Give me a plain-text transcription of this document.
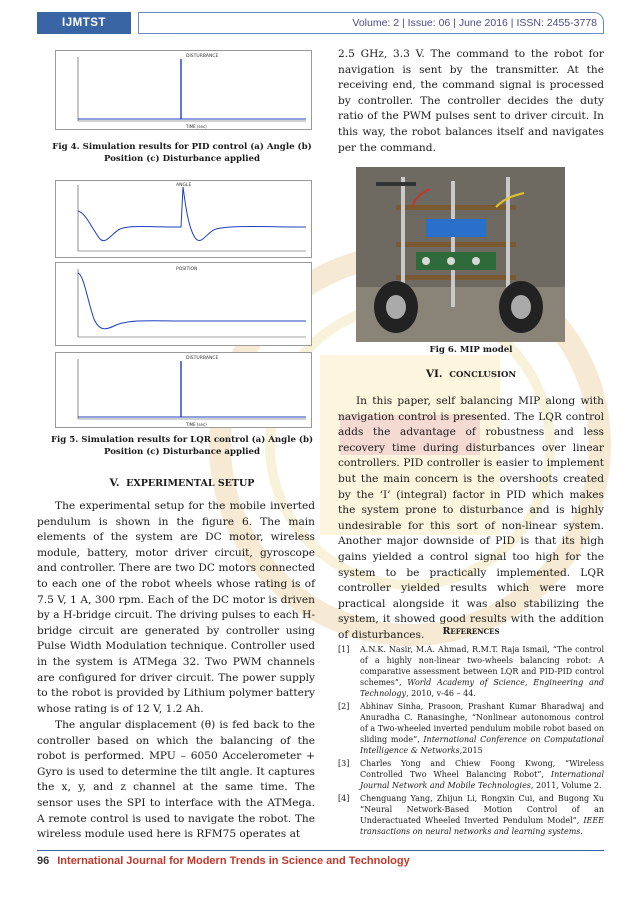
IJMTST	Volume: 2 | Issue: 06 | June 2016 | ISSN: 2455-3778
DISTURBANCE
TIME (sec)
Fig 4. Simulation results for PID control (a) Angle (b)
Position (c) Disturbance applied
ANGLE
POSITION
DISTURBANCE
TIME (sec)
Fig 5. Simulation results for LQR control (a) Angle (b)
Position (c) Disturbance applied
V. EXPERIMENTAL SETUP
The experimental setup for the mobile inverted pendulum is shown in the figure 6. The main elements of the system are DC motor, wireless module, battery, motor driver circuit, gyroscope and controller. There are two DC motors connected to each one of the robot wheels whose rating is of 7.5 V, 1 A, 300 rpm. Each of the DC motor is driven by a H-bridge circuit. The driving pulses to each H-bridge circuit are generated by controller using Pulse Width Modulation technique. Controller used in the system is ATMega 32. Two PWM channels are configured for driver circuit. The power supply to the robot is provided by Lithium polymer battery whose rating is of 12 V, 1.2 Ah.
The angular displacement (θ) is fed back to the controller based on which the balancing of the robot is performed. MPU – 6050 Accelerometer + Gyro is used to determine the tilt angle. It captures the x, y, and z channel at the same time. The sensor uses the SPI to interface with the ATMega. A remote control is used to navigate the robot. The wireless module used here is RFM75 operates at
2.5 GHz, 3.3 V. The command to the robot for navigation is sent by the transmitter. At the receiving end, the command signal is processed by controller. The controller decides the duty ratio of the PWM pulses sent to driver circuit. In this way, the robot balances itself and navigates per the command.
Fig 6. MIP model
VI. CONCLUSION
In this paper, self balancing MIP along with navigation control is presented. The LQR control adds the advantage of robustness and less recovery time during disturbances over linear controllers. PID controller is easier to implement but the main concern is the overshoots created by the ‘I’ (integral) factor in PID which makes the system prone to disturbance and is highly undesirable for this sort of non-linear system. Another major downside of PID is that its high gains yielded a control signal too high for the system to be practically implemented. LQR controller yielded results which were more practical alongside it was also stabilizing the system, it showed good results with the addition of disturbances.	References
[1]	A.N.K. Nasir, M.A. Ahmad, R.M.T. Raja Ismail, “The control of a highly non-linear two-wheels balancing robot: A comparative assessment between LQR and PID-PID control schemes”, World Academy of Science, Engineering and Technology, 2010, v-46 – 44.
[2]	Abhinav Sinha, Prasoon, Prashant Kumar Bharadwaj and Anuradha C. Ranasinghe, “Nonlinear autonomous control of a Two-wheeled inverted pendulum mobile robot based on sliding mode”, International Conference on Computational Intelligence & Networks,2015
[3]	Charles Yong and Chiew Foong Kwong, “Wireless Controlled Two Wheel Balancing Robot”, International Journal Network and Mobile Technologies, 2011, Volume 2.
[4]	Chenguang Yang, Zhijun Li, Rongxin Cui, and Bugong Xu “Neural Network-Based Motion Control of an Underactuated Wheeled Inverted Pendulum Model”, IEEE transactions on neural networks and learning systems.
96 International Journal for Modern Trends in Science and Technology
